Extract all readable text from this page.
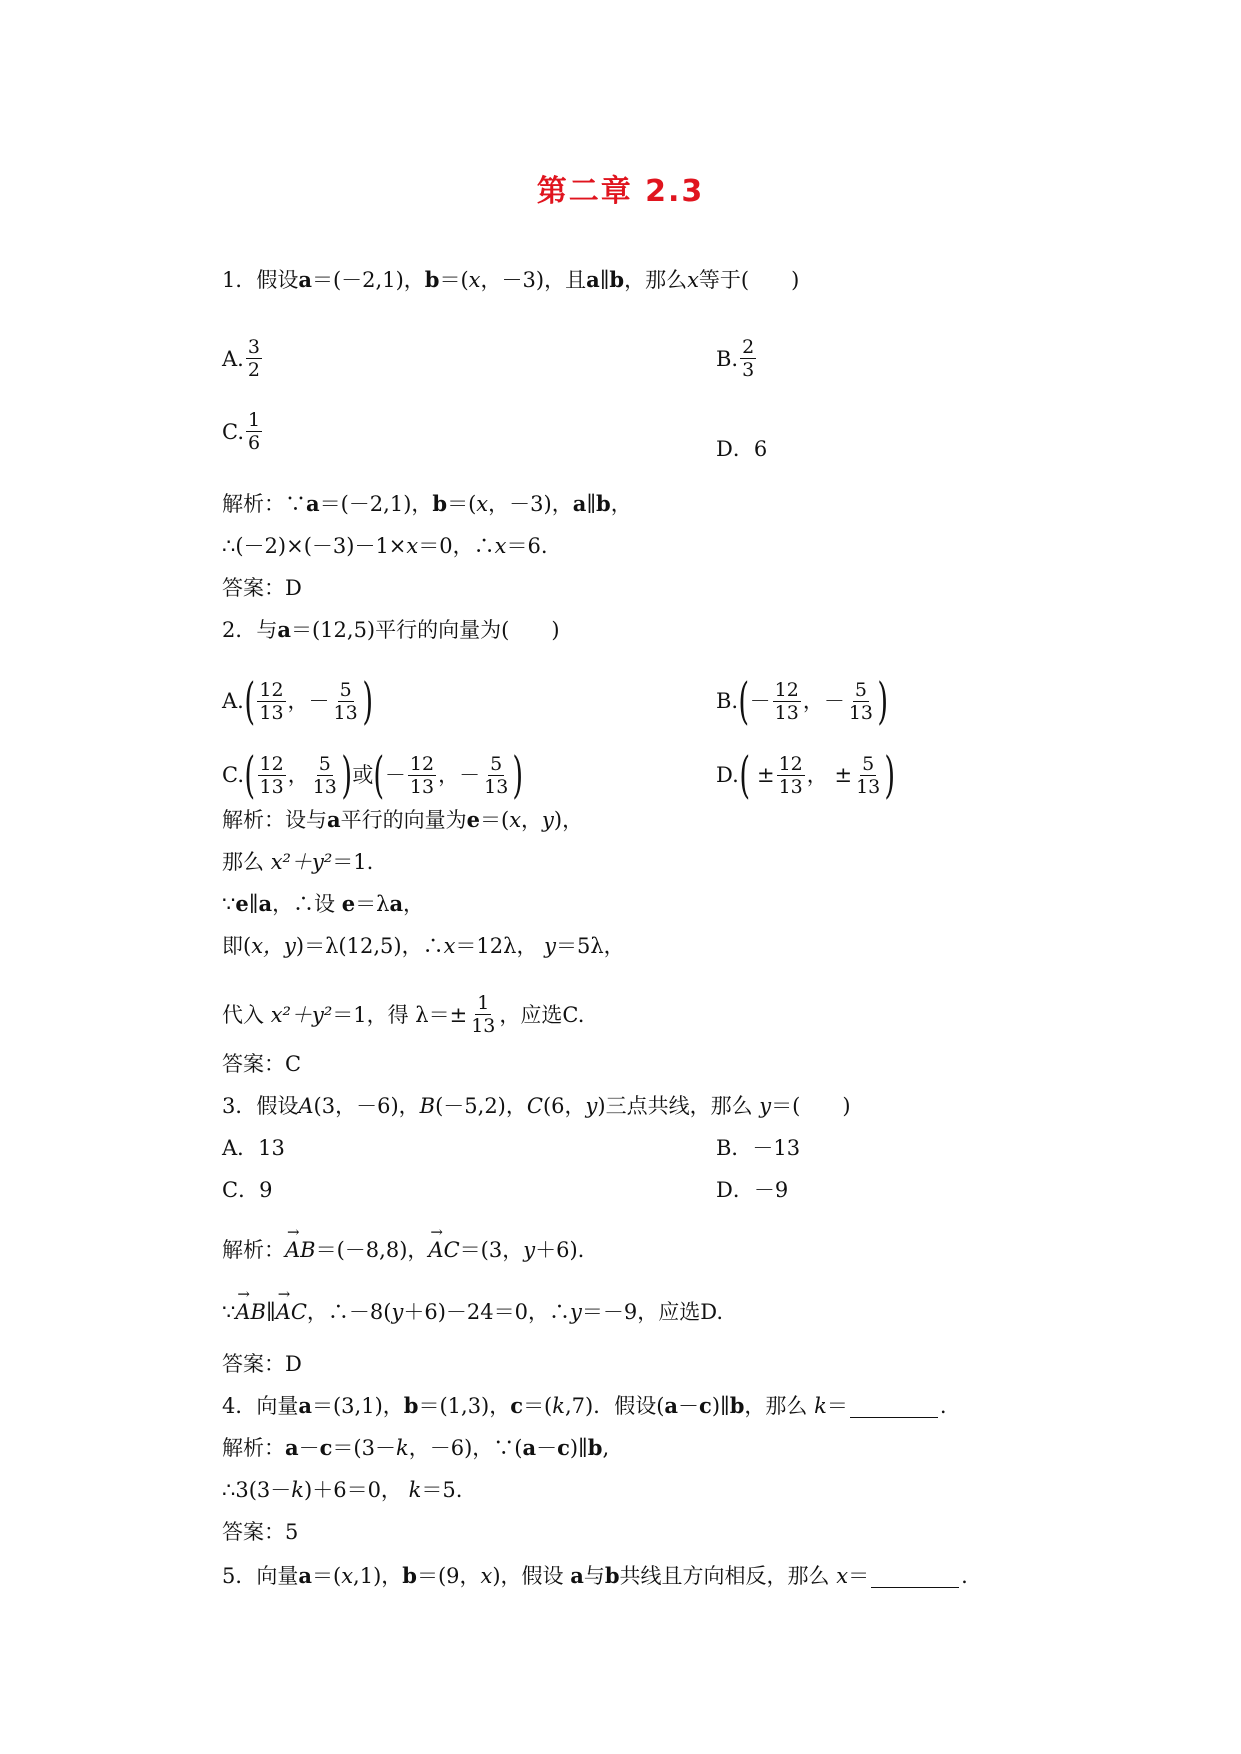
第二章 2.3
1．假设 a ＝(－2,1)， b ＝( x ，－3)，且 a ∥ b ，那么 x 等于(　　)
A. $\frac{3}{2}$	B. $\frac{2}{3}$
C. $\frac{1}{6}$	D．6
解析：∵ a ＝(－2,1)， b ＝( x ，－3)， a ∥ b ，
∴(－2)×(－3)－1× x ＝0，∴ x ＝6.
答案：D
2．与 a ＝(12,5)平行的向量为(　　)
A. ( $\frac{12}{13}$ ， － $\frac{5}{13}$ )	B. ( － $\frac{12}{13}$ ， － $\frac{5}{13}$ )
C. ( $\frac{12}{13}$ ， $\frac{5}{13}$ ) 或 ( － $\frac{12}{13}$ ， － $\frac{5}{13}$ )	D. (
± $\frac{12}{13}$ ，
± $\frac{5}{13}$ )
解析：设与 a 平行的向量为 e ＝( x ， y )，
那么
x²＋y² ＝1.
∵ e ∥ a ，∴设
e ＝λ a ，
即( x，y )＝λ(12,5)，∴ x ＝12λ，
y ＝5λ，
代入
x²＋y² ＝1，得 $\lambda=\pm \frac{1}{13}$ ，应选C.
答案：C
3．假设 A (3，－6)， B (－5,2)， C (6， y )三点共线，那么
y ＝(　　)
A．13	B．－13
C．9	D．－9
解析： → AB ＝(－8,8)， → AC ＝(3， y ＋6).
∵ → AB ∥ → AC ，∴－8( y ＋6)－24＝0，∴ y ＝－9，应选D.
答案：D
4．向量 a ＝(3,1)， b ＝(1,3)， c ＝( k ,7)．假设( a － c )∥ b ，那么
k ＝	.
解析： a － c ＝(3－ k ，－6)，∵( a － c )∥ b ,
∴3(3－ k )＋6＝0，
k ＝5.
答案：5
5．向量 a ＝( x ,1)， b ＝(9， x )，假设
a 与 b 共线且方向相反，那么
x ＝	.
